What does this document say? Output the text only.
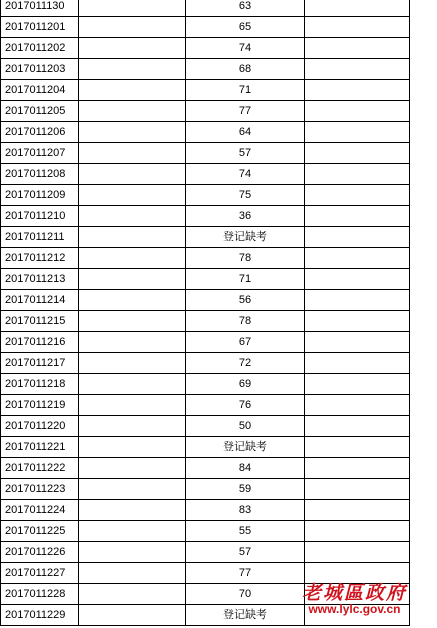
2017011130		63	
2017011201		65	
2017011202		74	
2017011203		68	
2017011204		71	
2017011205		77	
2017011206		64	
2017011207		57	
2017011208		74	
2017011209		75	
2017011210		36	
2017011211		登记缺考	
2017011212		78	
2017011213		71	
2017011214		56	
2017011215		78	
2017011216		67	
2017011217		72	
2017011218		69	
2017011219		76	
2017011220		50	
2017011221		登记缺考	
2017011222		84	
2017011223		59	
2017011224		83	
2017011225		55	
2017011226		57	
2017011227		77	
2017011228		70	
2017011229		登记缺考	
老城區政府
www.lylc.gov.cn
